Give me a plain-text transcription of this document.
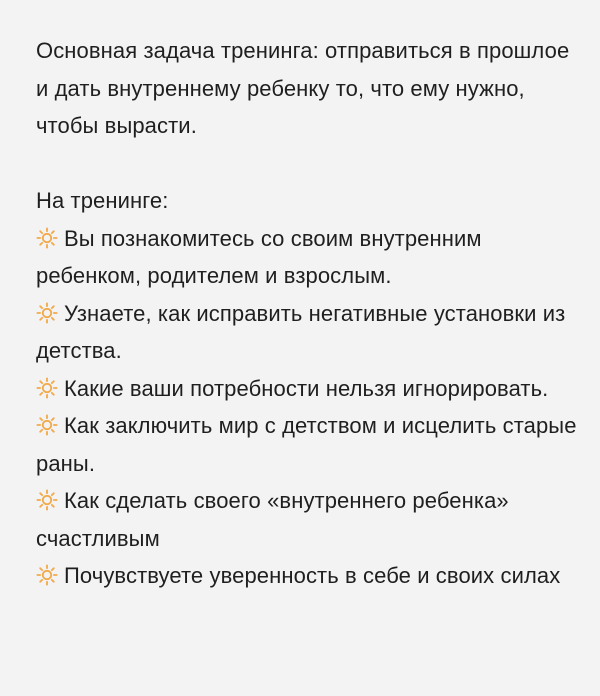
Основная задача тренинга: отправиться в прошлое и дать внутреннему ребенку то, что ему нужно, чтобы вырасти.

На тренинге:

Вы познакомитесь со своим внутренним ребенком, родителем и взрослым.

Узнаете, как исправить негативные установки из детства.

Какие ваши потребности нельзя игнорировать.

Как заключить мир с детством и исцелить старые раны.

Как сделать своего «внутреннего ребенка» счастливым

Почувствуете уверенность в себе и своих силах
